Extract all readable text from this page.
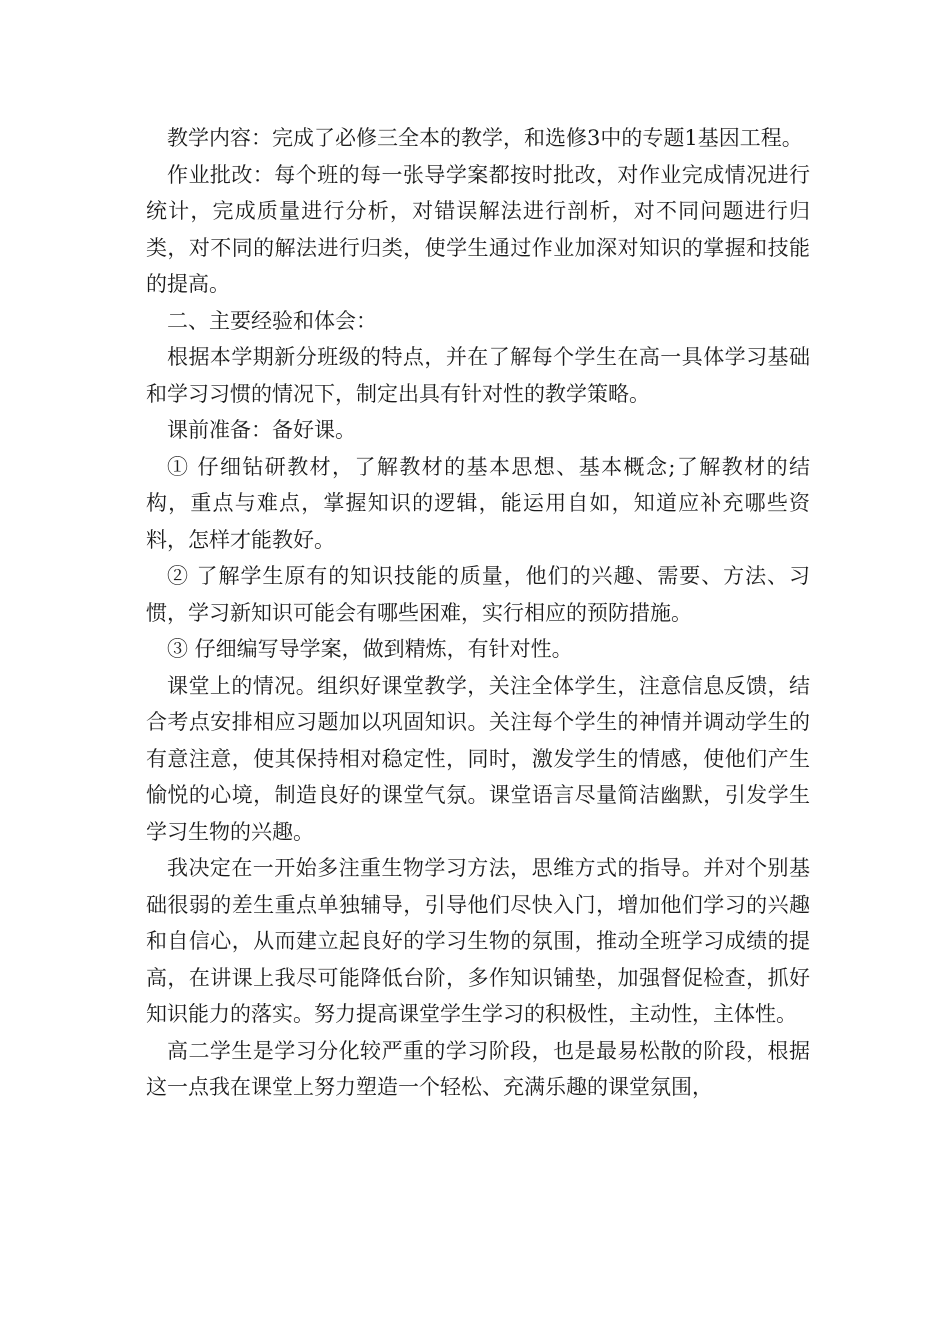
教学内容：完成了必修三全本的教学，和选修3中的专题1基因工程。

作业批改：每个班的每一张导学案都按时批改，对作业完成情况进行统计，完成质量进行分析，对错误解法进行剖析，对不同问题进行归类，对不同的解法进行归类，使学生通过作业加深对知识的掌握和技能的提高。

二、主要经验和体会：

根据本学期新分班级的特点，并在了解每个学生在高一具体学习基础和学习习惯的情况下，制定出具有针对性的教学策略。

课前准备：备好课。

① 仔细钻研教材，了解教材的基本思想、基本概念;了解教材的结构，重点与难点，掌握知识的逻辑，能运用自如，知道应补充哪些资料，怎样才能教好。

② 了解学生原有的知识技能的质量，他们的兴趣、需要、方法、习惯，学习新知识可能会有哪些困难，实行相应的预防措施。

③ 仔细编写导学案，做到精炼，有针对性。

课堂上的情况。组织好课堂教学，关注全体学生，注意信息反馈，结合考点安排相应习题加以巩固知识。关注每个学生的神情并调动学生的有意注意，使其保持相对稳定性，同时，激发学生的情感，使他们产生愉悦的心境，制造良好的课堂气氛。课堂语言尽量简洁幽默，引发学生学习生物的兴趣。

我决定在一开始多注重生物学习方法，思维方式的指导。并对个别基础很弱的差生重点单独辅导，引导他们尽快入门，增加他们学习的兴趣和自信心，从而建立起良好的学习生物的氛围，推动全班学习成绩的提高，在讲课上我尽可能降低台阶，多作知识铺垫，加强督促检查，抓好知识能力的落实。努力提高课堂学生学习的积极性，主动性，主体性。

高二学生是学习分化较严重的学习阶段，也是最易松散的阶段，根据这一点我在课堂上努力塑造一个轻松、充满乐趣的课堂氛围，
